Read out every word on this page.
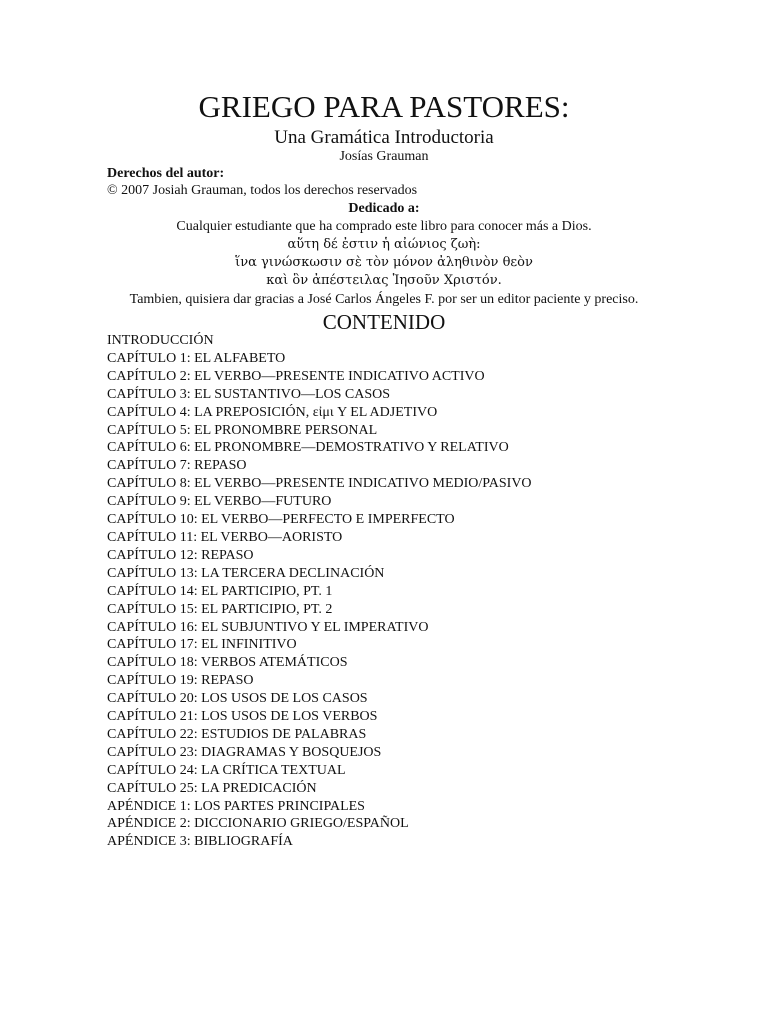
GRIEGO PARA PASTORES:
Una Gramática Introductoria
Josías Grauman
Derechos del autor:
© 2007 Josiah Grauman, todos los derechos reservados
Dedicado a:
Cualquier estudiante que ha comprado este libro para conocer más a Dios.
αὕτη δέ ἐστιν ἡ αἰώνιος ζωὴ:
ἵνα γινώσκωσιν σὲ τὸν μόνον ἀληθινὸν θεὸν
καὶ ὃν ἀπέστειλας Ἰησοῦν Χριστόν.
Tambien, quisiera dar gracias a José Carlos Ángeles F. por ser un editor paciente y preciso.
CONTENIDO
INTRODUCCIÓN
CAPÍTULO 1: EL ALFABETO
CAPÍTULO 2: EL VERBO—PRESENTE INDICATIVO ACTIVO
CAPÍTULO 3: EL SUSTANTIVO—LOS CASOS
CAPÍTULO 4: LA PREPOSICIÓN, εἰμι Y EL ADJETIVO
CAPÍTULO 5: EL PRONOMBRE PERSONAL
CAPÍTULO 6: EL PRONOMBRE—DEMOSTRATIVO Y RELATIVO
CAPÍTULO 7: REPASO
CAPÍTULO 8: EL VERBO—PRESENTE INDICATIVO MEDIO/PASIVO
CAPÍTULO 9: EL VERBO—FUTURO
CAPÍTULO 10: EL VERBO—PERFECTO E IMPERFECTO
CAPÍTULO 11: EL VERBO—AORISTO
CAPÍTULO 12: REPASO
CAPÍTULO 13: LA TERCERA DECLINACIÓN
CAPÍTULO 14: EL PARTICIPIO, PT. 1
CAPÍTULO 15: EL PARTICIPIO, PT. 2
CAPÍTULO 16: EL SUBJUNTIVO Y EL IMPERATIVO
CAPÍTULO 17: EL INFINITIVO
CAPÍTULO 18: VERBOS ATEMÁTICOS
CAPÍTULO 19: REPASO
CAPÍTULO 20: LOS USOS DE LOS CASOS
CAPÍTULO 21: LOS USOS DE LOS VERBOS
CAPÍTULO 22: ESTUDIOS DE PALABRAS
CAPÍTULO 23: DIAGRAMAS Y BOSQUEJOS
CAPÍTULO 24: LA CRÍTICA TEXTUAL
CAPÍTULO 25: LA PREDICACIÓN
APÉNDICE 1: LOS PARTES PRINCIPALES
APÉNDICE 2: DICCIONARIO GRIEGO/ESPAÑOL
APÉNDICE 3: BIBLIOGRAFÍA
